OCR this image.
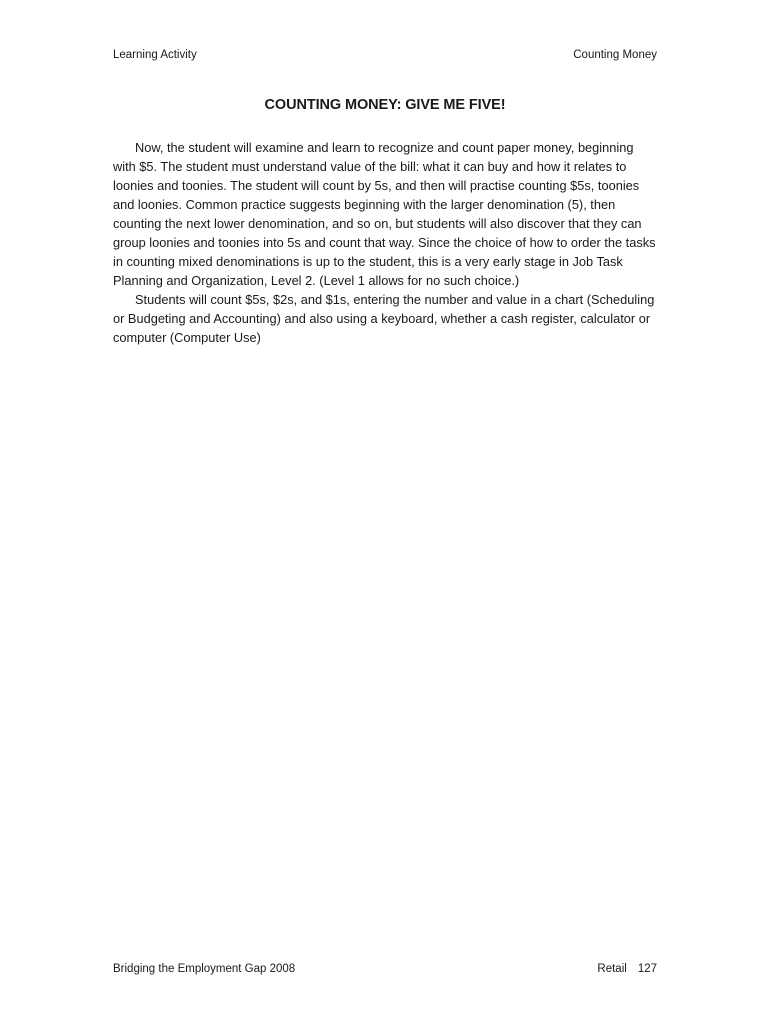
Learning Activity	Counting Money
COUNTING MONEY: GIVE ME FIVE!

Now, the student will examine and learn to recognize and count paper money, beginning with $5. The student must understand value of the bill: what it can buy and how it relates to loonies and toonies. The student will count by 5s, and then will practise counting $5s, toonies and loonies. Common practice suggests beginning with the larger denomination (5), then counting the next lower denomination, and so on, but students will also discover that they can group loonies and toonies into 5s and count that way. Since the choice of how to order the tasks in counting mixed denominations is up to the student, this is a very early stage in Job Task Planning and Organization, Level 2. (Level 1 allows for no such choice.)

Students will count $5s, $2s, and $1s, entering the number and value in a chart (Scheduling or Budgeting and Accounting) and also using a keyboard, whether a cash register, calculator or computer (Computer Use)

Bridging the Employment Gap 2008	Retail 127
